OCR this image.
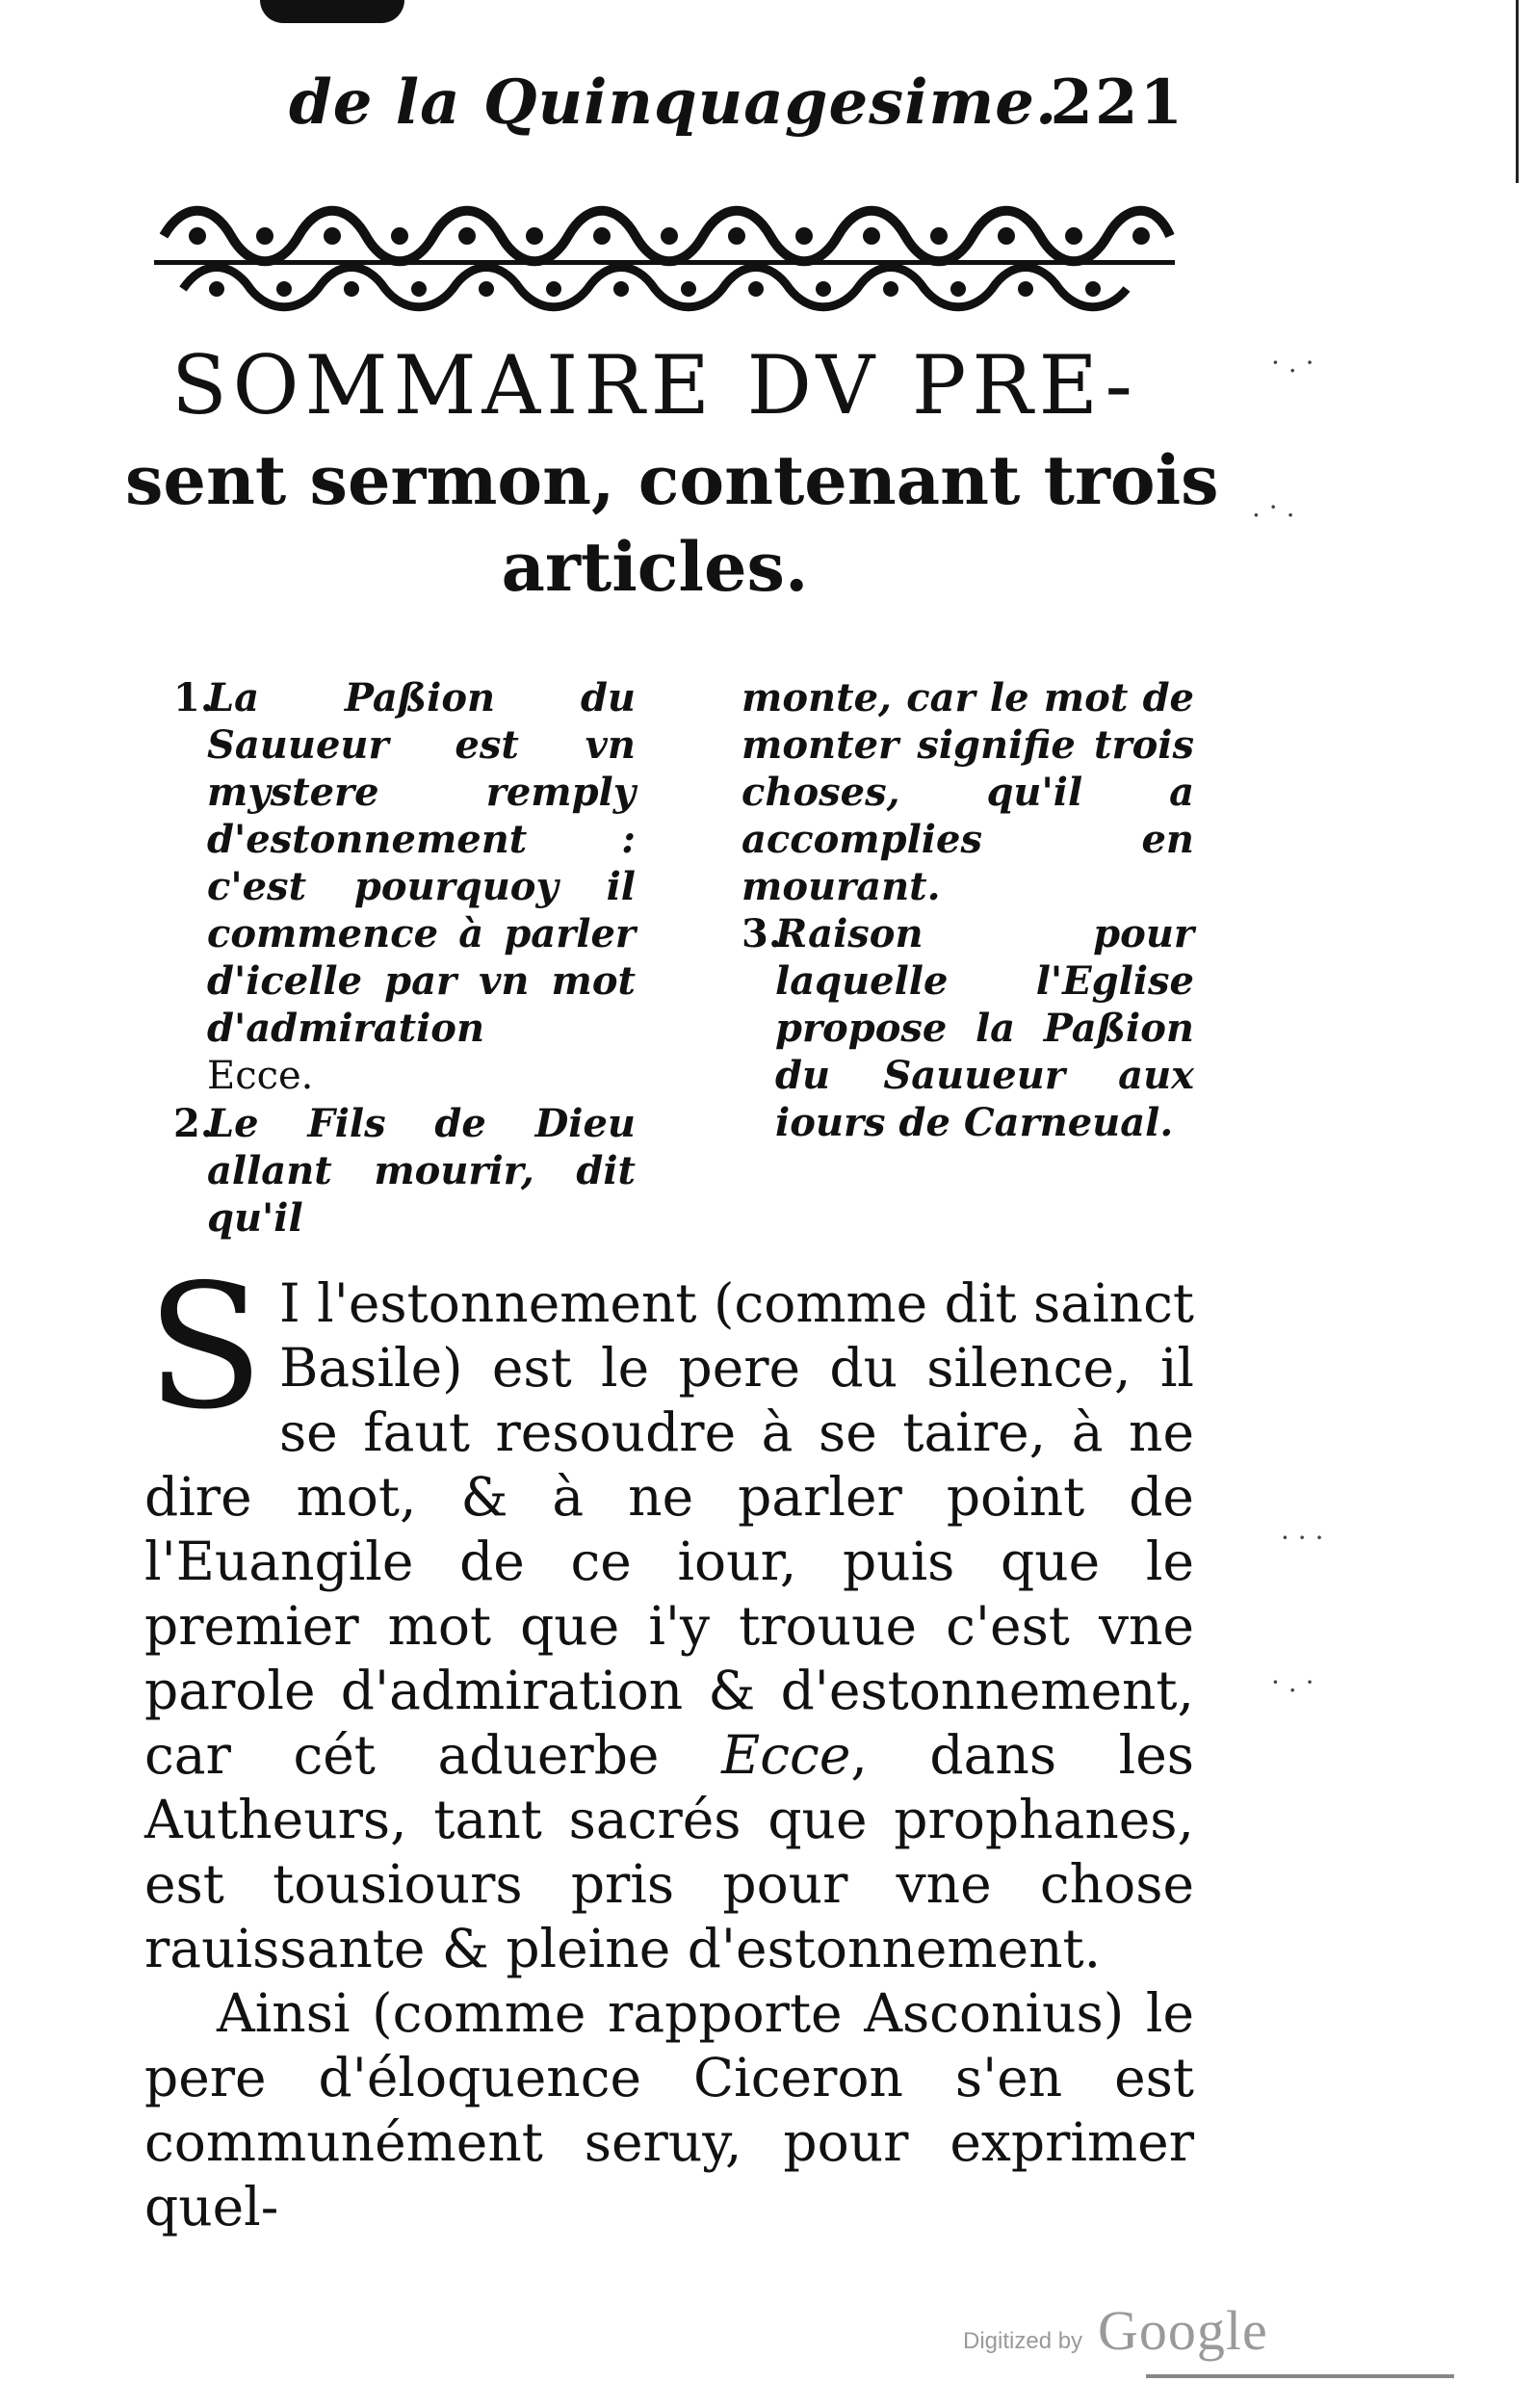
de la Quinquagesime.
221
SOMMAIRE DV PRE-
sent sermon, contenant trois
articles.
1.

La Paßion du Sauueur est vn mystere remply d'estonnement : c'est pourquoy il commence à parler d'icelle par vn mot d'admiration
Ecce.

2.

Le Fils de Dieu allant mourir, dit qu'il

monte, car le mot de monter signifie trois choses, qu'il a accomplies en mourant.

3.

Raison pour laquelle l'Eglise propose la Paßion du Sauueur aux iours de Carneual.

S I l'estonnement (comme dit sainct Basile) est le pere du silence, il se faut resoudre à se taire, à ne dire mot, & à ne parler point de l'Euangile de ce iour, puis que le premier mot que i'y trouue c'est vne parole d'admiration & d'estonnement, car cét aduerbe Ecce, dans les Autheurs, tant sacrés que prophanes, est tousiours pris pour vne chose rauissante & pleine d'estonnement.

Ainsi (comme rapporte Asconius) le pere d'éloquence Ciceron s'en est communément seruy, pour exprimer quel-

· . ·
. · .
· · ·
· . ·
Digitized by Google
